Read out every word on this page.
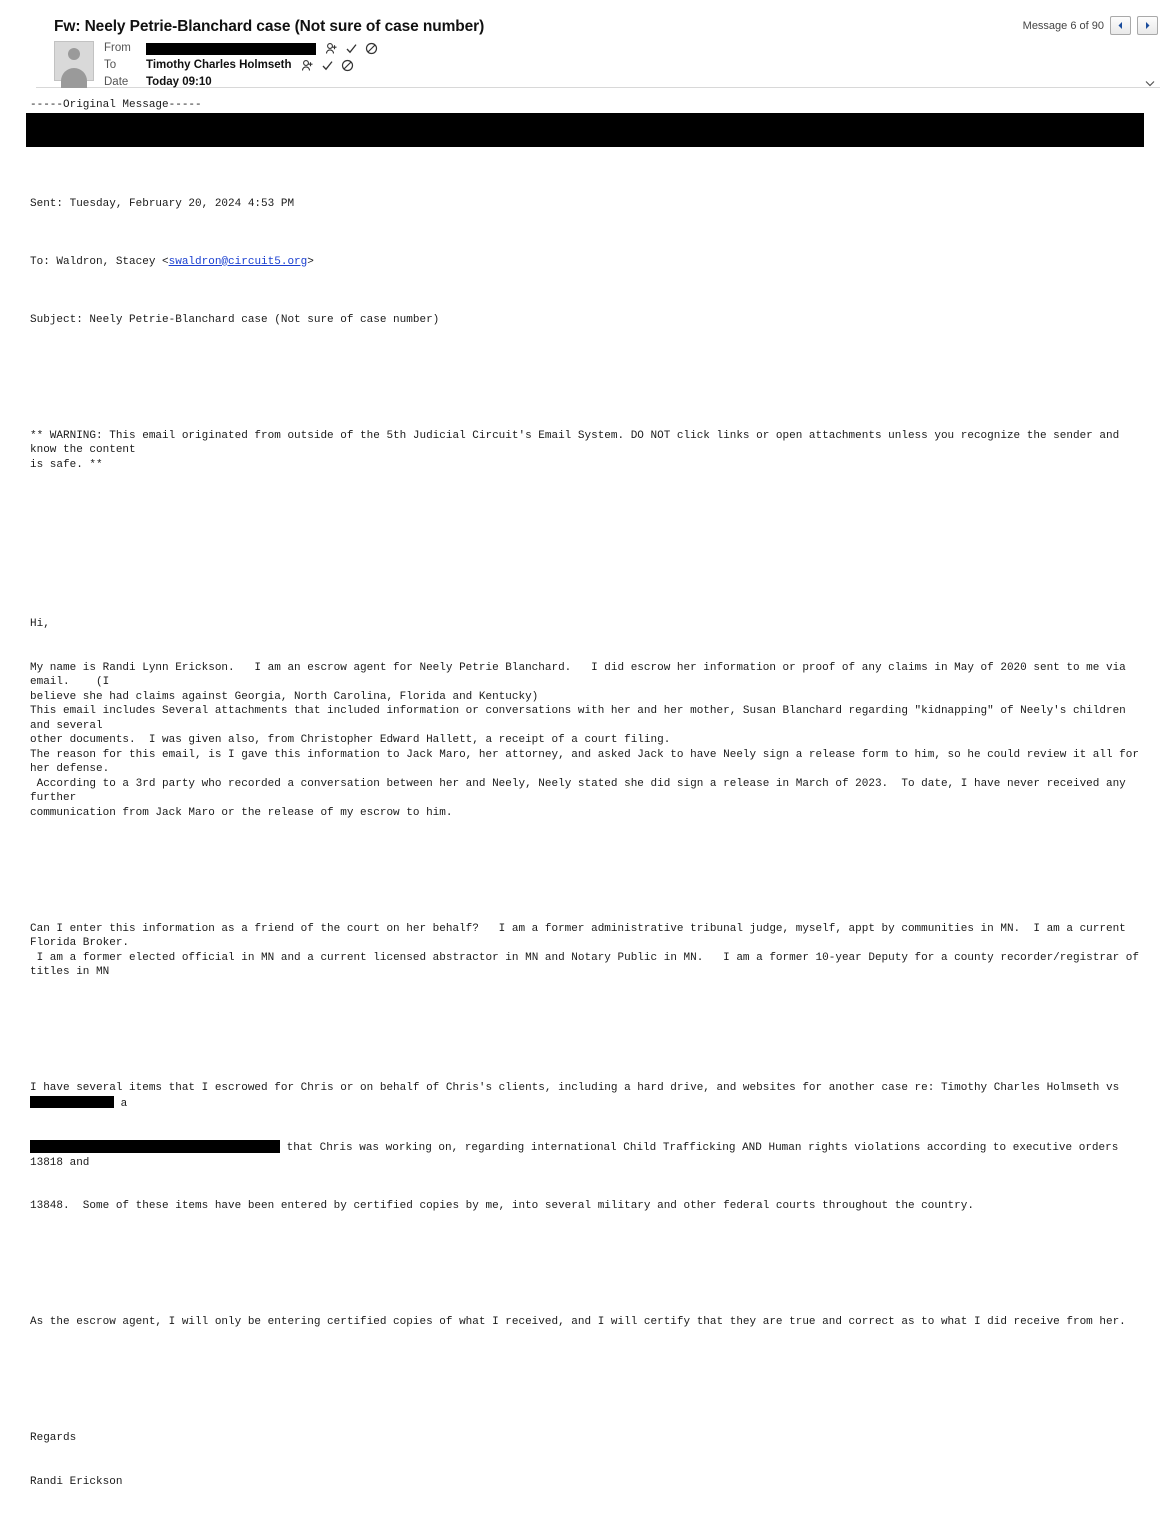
Fw: Neely Petrie-Blanchard case (Not sure of case number)
From
To	Timothy Charles Holmseth
Date	Today 09:10
Message 6 of 90
-----Original Message-----

Sent: Tuesday, February 20, 2024 4:53 PM

To: Waldron, Stacey <swaldron@circuit5.org>

Subject: Neely Petrie-Blanchard case (Not sure of case number)

** WARNING: This email originated from outside of the 5th Judicial Circuit's Email System. DO NOT click links or open attachments unless you recognize the sender and know the content
is safe. **

Hi,

My name is Randi Lynn Erickson.   I am an escrow agent for Neely Petrie Blanchard.   I did escrow her information or proof of any claims in May of 2020 sent to me via email.    (I
believe she had claims against Georgia, North Carolina, Florida and Kentucky)
This email includes Several attachments that included information or conversations with her and her mother, Susan Blanchard regarding "kidnapping" of Neely's children and several
other documents.  I was given also, from Christopher Edward Hallett, a receipt of a court filing.
The reason for this email, is I gave this information to Jack Maro, her attorney, and asked Jack to have Neely sign a release form to him, so he could review it all for her defense.
According to a 3rd party who recorded a conversation between her and Neely, Neely stated she did sign a release in March of 2023.  To date, I have never received any further
communication from Jack Maro or the release of my escrow to him.

Can I enter this information as a friend of the court on her behalf?   I am a former administrative tribunal judge, myself, appt by communities in MN.  I am a current Florida Broker.
I am a former elected official in MN and a current licensed abstractor in MN and Notary Public in MN.   I am a former 10-year Deputy for a county recorder/registrar of titles in MN

I have several items that I escrowed for Chris or on behalf of Chris's clients, including a hard drive, and websites for another case re: Timothy Charles Holmseth vs a

that Chris was working on, regarding international Child Trafficking AND Human rights violations according to executive orders 13818 and

13848.  Some of these items have been entered by certified copies by me, into several military and other federal courts throughout the country.

As the escrow agent, I will only be entering certified copies of what I received, and I will certify that they are true and correct as to what I did receive from her.

Regards

Randi Erickson
